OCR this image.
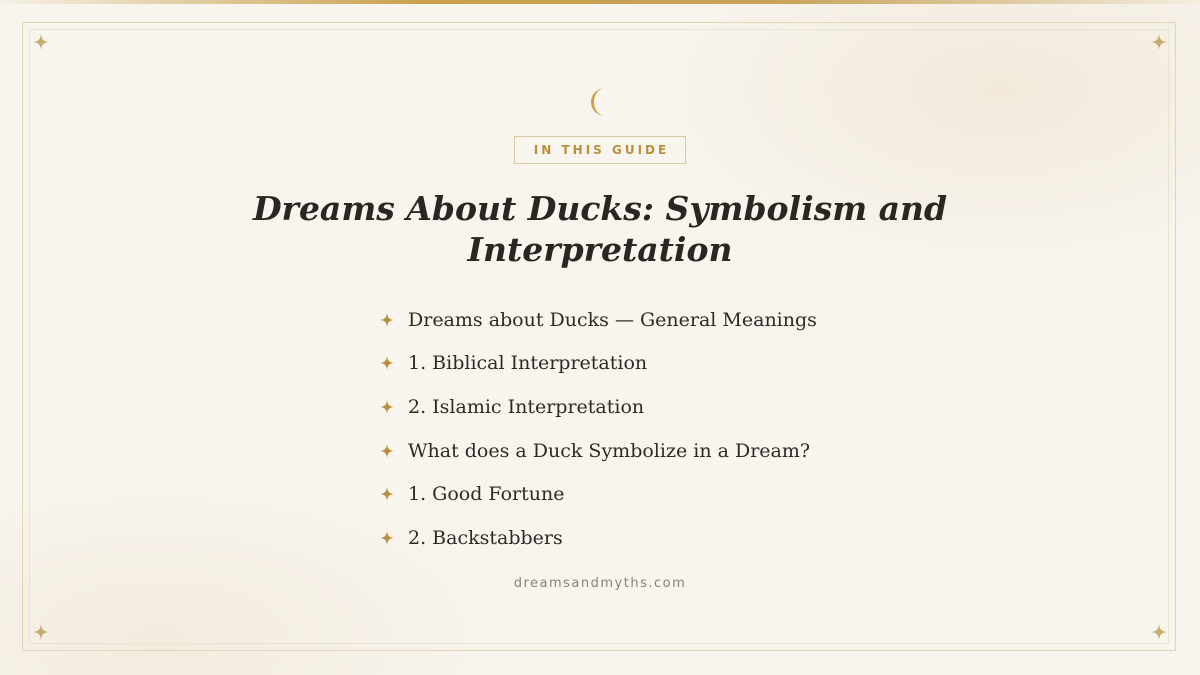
IN THIS GUIDE
Dreams About Ducks: Symbolism and Interpretation
Dreams about Ducks — General Meanings
1. Biblical Interpretation
2. Islamic Interpretation
What does a Duck Symbolize in a Dream?
1. Good Fortune
2. Backstabbers
dreamsandmyths.com
